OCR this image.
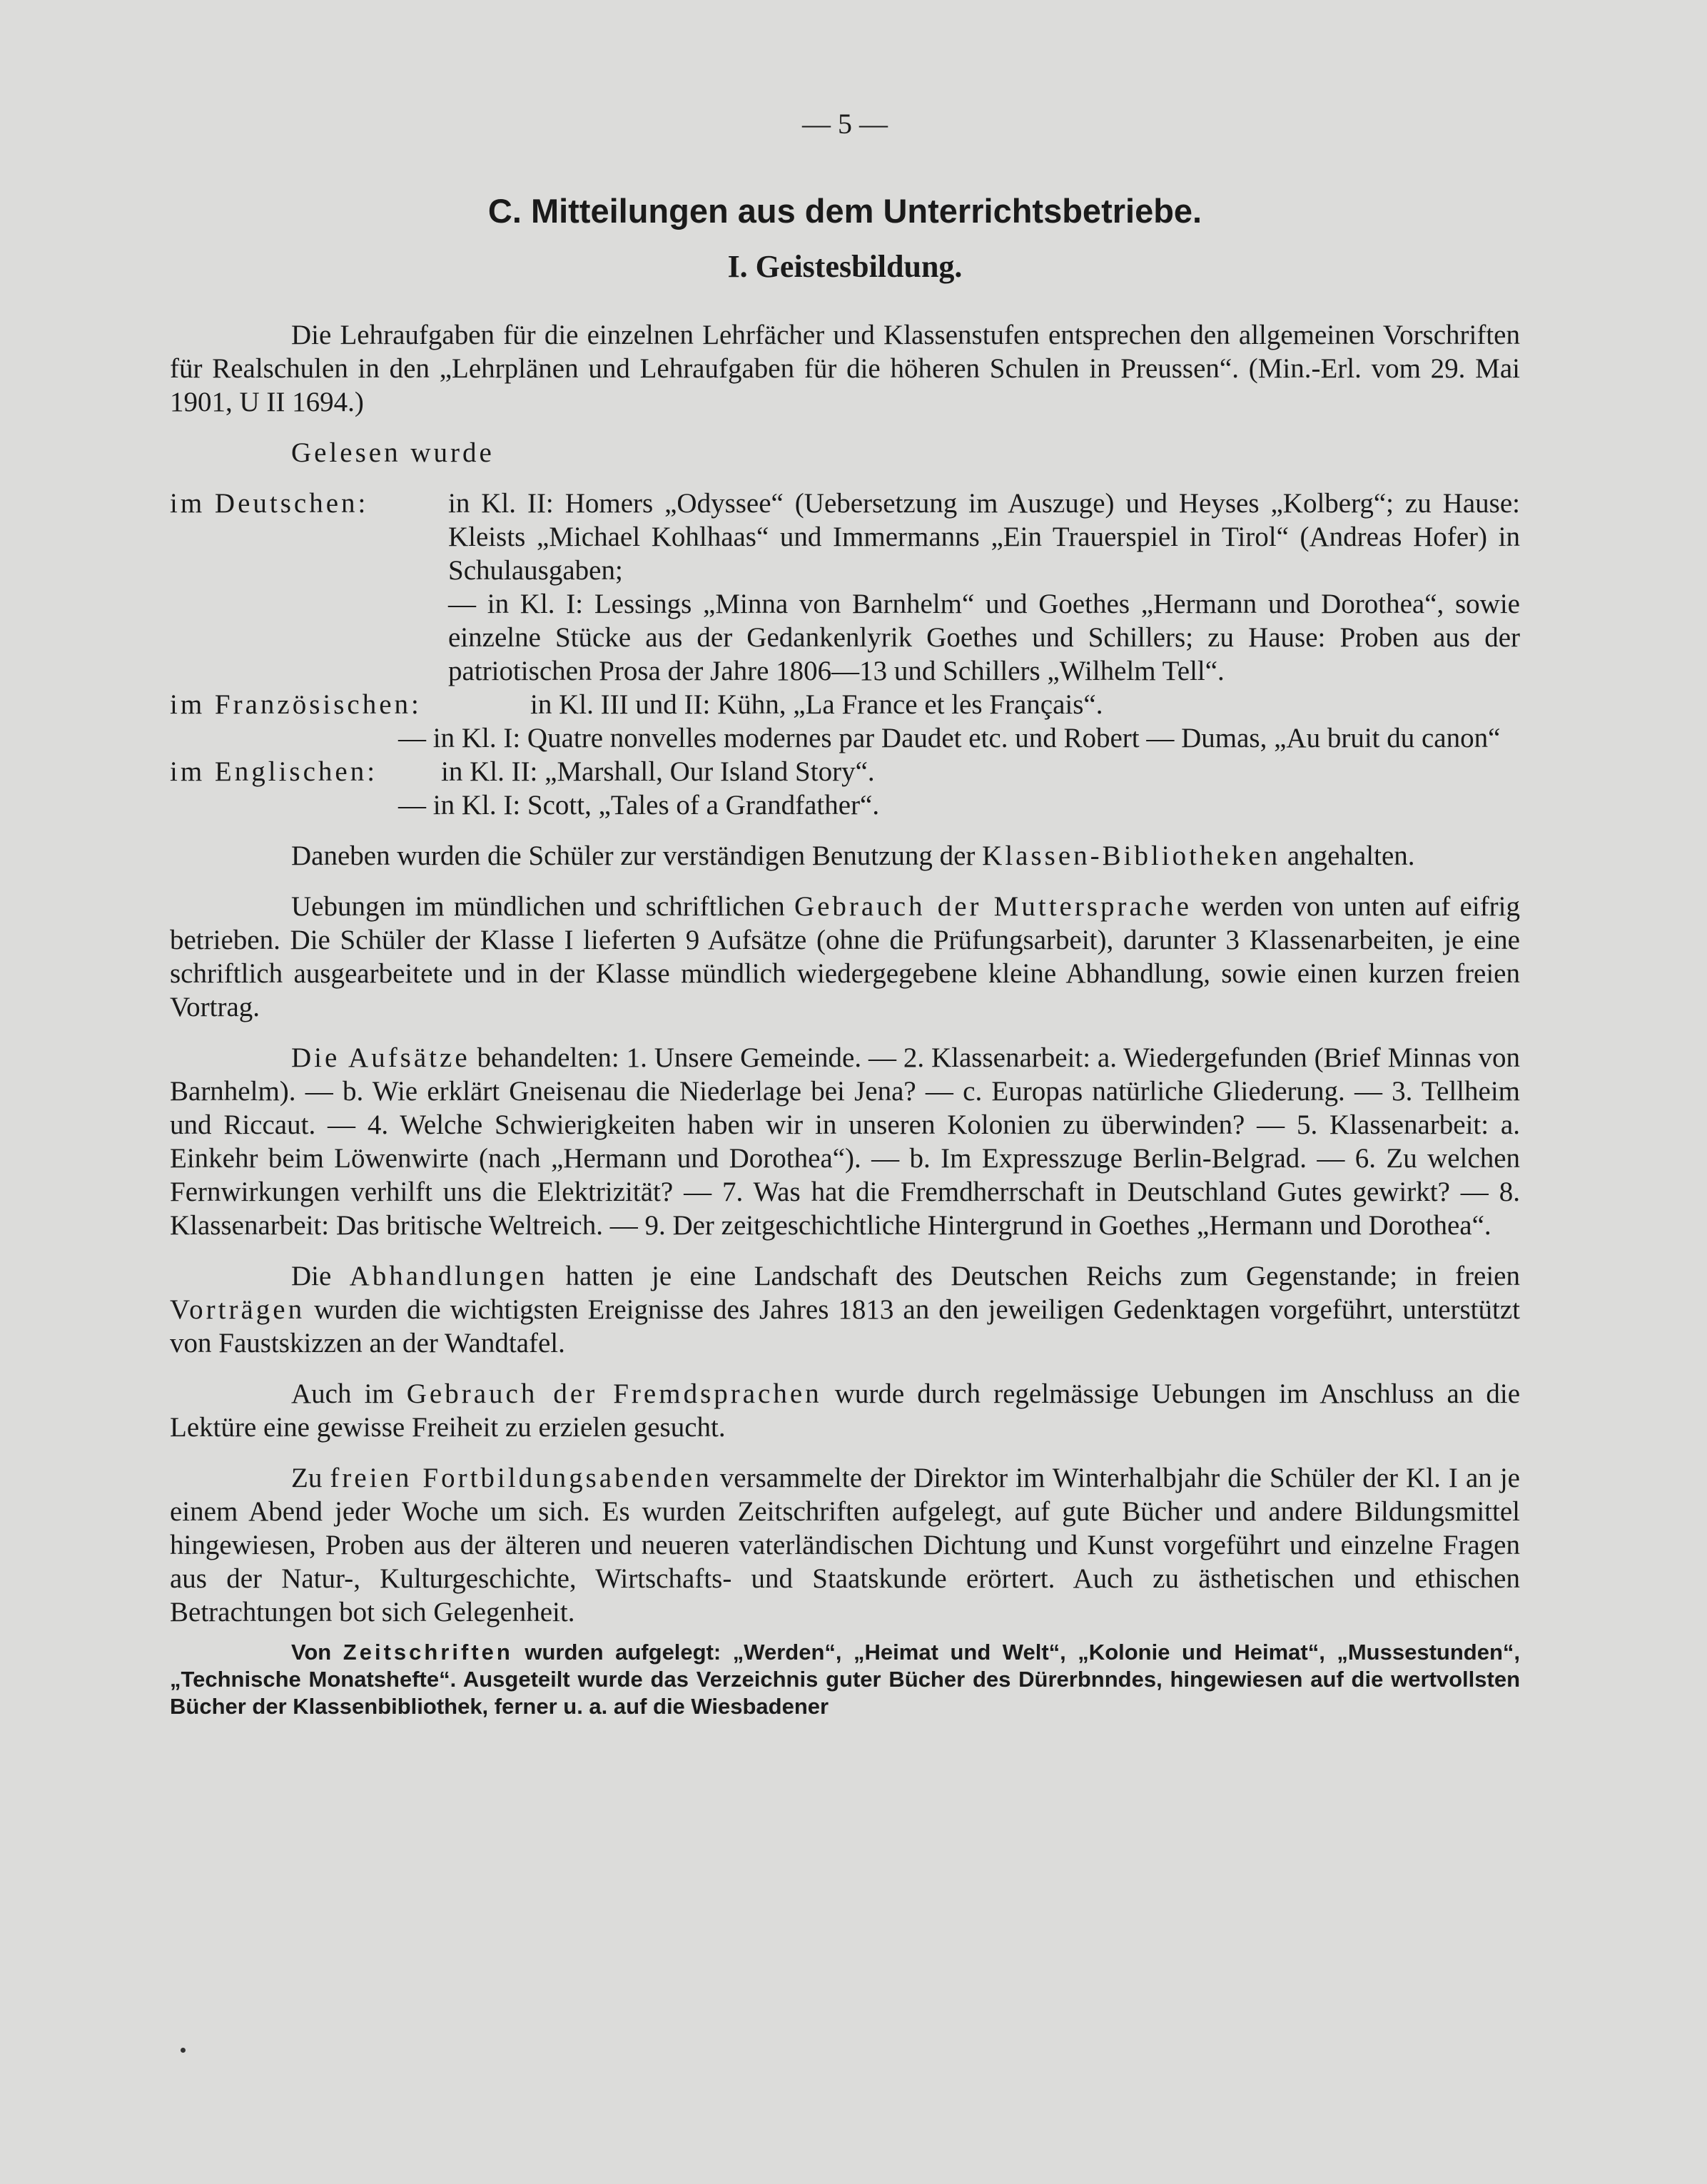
— 5 —
C. Mitteilungen aus dem Unterrichtsbetriebe.
I. Geistesbildung.

Die Lehraufgaben für die einzelnen Lehrfächer und Klassenstufen entsprechen den allgemeinen Vorschriften für Realschulen in den „Lehrplänen und Lehraufgaben für die höheren Schulen in Preussen“. (Min.-Erl. vom 29. Mai 1901, U II 1694.)

Gelesen wurde

im Deutschen:	in Kl. II: Homers „Odyssee“ (Uebersetzung im Auszuge) und Heyses „Kolberg“; zu Hause: Kleists „Michael Kohlhaas“ und Immermanns „Ein Trauerspiel in Tirol“ (Andreas Hofer) in Schulausgaben;
— in Kl. I: Lessings „Minna von Barnhelm“ und Goethes „Hermann und Dorothea“, sowie einzelne Stücke aus der Gedankenlyrik Goethes und Schillers; zu Hause: Proben aus der patriotischen Prosa der Jahre 1806—13 und Schillers „Wilhelm Tell“.
im Französischen:	in Kl. III und II: Kühn, „La France et les Français“.
— in Kl. I: Quatre nonvelles modernes par Daudet etc. und Robert — Dumas, „Au bruit du canon“
im Englischen:	in Kl. II: „Marshall, Our Island Story“.
— in Kl. I: Scott, „Tales of a Grandfather“.

Daneben wurden die Schüler zur verständigen Benutzung der Klassen-Bibliotheken angehalten.

Uebungen im mündlichen und schriftlichen Gebrauch der Muttersprache werden von unten auf eifrig betrieben. Die Schüler der Klasse I lieferten 9 Aufsätze (ohne die Prüfungsarbeit), darunter 3 Klassenarbeiten, je eine schriftlich ausgearbeitete und in der Klasse mündlich wiedergegebene kleine Abhandlung, sowie einen kurzen freien Vortrag.

Die Aufsätze behandelten: 1. Unsere Gemeinde. — 2. Klassenarbeit: a. Wiedergefunden (Brief Minnas von Barnhelm). — b. Wie erklärt Gneisenau die Niederlage bei Jena? — c. Europas natürliche Gliederung. — 3. Tellheim und Riccaut. — 4. Welche Schwierigkeiten haben wir in unseren Kolonien zu überwinden? — 5. Klassenarbeit: a. Einkehr beim Löwenwirte (nach „Hermann und Dorothea“). — b. Im Expresszuge Berlin-Belgrad. — 6. Zu welchen Fernwirkungen verhilft uns die Elektrizität? — 7. Was hat die Fremdherrschaft in Deutschland Gutes gewirkt? — 8. Klassenarbeit: Das britische Weltreich. — 9. Der zeitgeschichtliche Hintergrund in Goethes „Hermann und Dorothea“.

Die Abhandlungen hatten je eine Landschaft des Deutschen Reichs zum Gegenstande; in freien Vorträgen wurden die wichtigsten Ereignisse des Jahres 1813 an den jeweiligen Gedenktagen vorgeführt, unterstützt von Faustskizzen an der Wandtafel.

Auch im Gebrauch der Fremdsprachen wurde durch regelmässige Uebungen im Anschluss an die Lektüre eine gewisse Freiheit zu erzielen gesucht.

Zu freien Fortbildungsabenden versammelte der Direktor im Winterhalbjahr die Schüler der Kl. I an je einem Abend jeder Woche um sich. Es wurden Zeitschriften aufgelegt, auf gute Bücher und andere Bildungsmittel hingewiesen, Proben aus der älteren und neueren vaterländischen Dichtung und Kunst vorgeführt und einzelne Fragen aus der Natur-, Kulturgeschichte, Wirtschafts- und Staatskunde erörtert. Auch zu ästhetischen und ethischen Betrachtungen bot sich Gelegenheit.

Von Zeitschriften wurden aufgelegt: „Werden“, „Heimat und Welt“, „Kolonie und Heimat“, „Mussestunden“, „Technische Monatshefte“. Ausgeteilt wurde das Verzeichnis guter Bücher des Dürerbnndes, hingewiesen auf die wertvollsten Bücher der Klassenbibliothek, ferner u. a. auf die Wiesbadener
